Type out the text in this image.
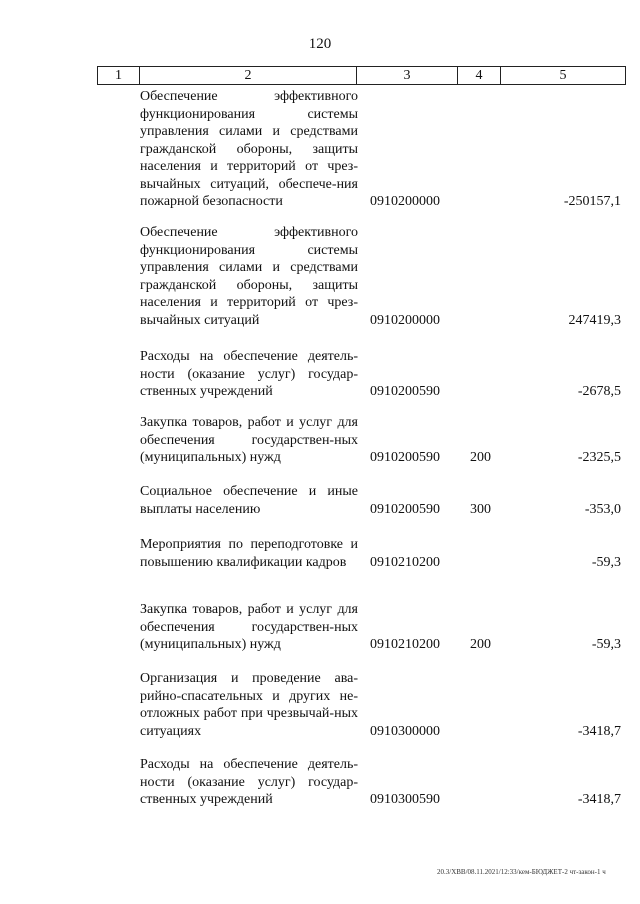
120
1	2	3	4	5
Обеспечение эффективного функционирования системы управления силами и средствами гражданской обороны, защиты населения и территорий от чрез-вычайных ситуаций, обеспече-ния пожарной безопасности	0910200000	-250157,1
Обеспечение эффективного функционирования системы управления силами и средствами гражданской обороны, защиты населения и территорий от чрез-вычайных ситуаций	0910200000	247419,3
Расходы на обеспечение деятель-ности (оказание услуг) государ-ственных учреждений	0910200590	-2678,5
Закупка товаров, работ и услуг для обеспечения государствен-ных (муниципальных) нужд	0910200590 200	-2325,5
Социальное обеспечение и иные выплаты населению	0910200590 300	-353,0
Мероприятия по переподготовке и повышению квалификации кадров	0910210200	-59,3
Закупка товаров, работ и услуг для обеспечения государствен-ных (муниципальных) нужд	0910210200 200	-59,3
Организация и проведение ава-рийно-спасательных и других не-отложных работ при чрезвычай-ных ситуациях	0910300000	-3418,7
Расходы на обеспечение деятель-ности (оказание услуг) государ-ственных учреждений	0910300590	-3418,7
20.3/ХВВ/08.11.2021/12:33/кем-БЮДЖЕТ-2 чт-закон-1 ч
